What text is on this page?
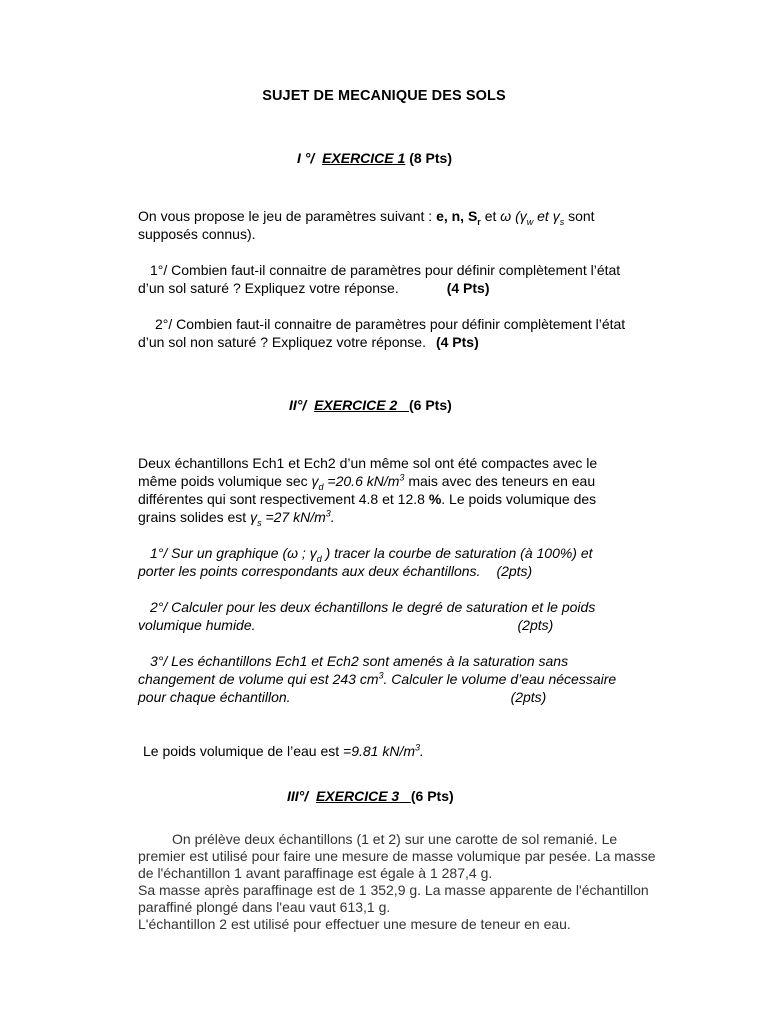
SUJET DE MECANIQUE DES SOLS
I °/ EXERCICE 1 (8 Pts)
On vous propose le jeu de paramètres suivant : e, n, $S_r$ et ω ($\gamma_w$ et $\gamma_s$ sont
supposés connus).
1°/ Combien faut-il connaitre de paramètres pour définir complètement l’état
d’un sol saturé ? Expliquez votre réponse.	(4 Pts)
2°/ Combien faut-il connaitre de paramètres pour définir complètement l’état
d’un sol non saturé ? Expliquez votre réponse. (4 Pts)
II°/ EXERCICE 2 (6 Pts)
Deux échantillons Ech1 et Ech2 d’un même sol ont été compactes avec le
même poids volumique $\sec \gamma_d =20.6$ $kN/m^3$ mais avec des teneurs en eau
différentes qui sont respectivement 4.8 et 12.8 %. Le poids volumique des
grains solides est $\gamma_s =27$ $kN/m^3$.
1°/ Sur un graphique (ω ; $\gamma_d$ ) tracer la courbe de saturation (à 100%) et
porter les points correspondants aux deux échantillons. (2pts)
2°/ Calculer pour les deux échantillons le degré de saturation et le poids
volumique humide.	(2pts)
3°/ Les échantillons Ech1 et Ech2 sont amenés à la saturation sans
changement de volume qui est 243 $cm^3$. Calculer le volume d’eau nécessaire
pour chaque échantillon.	(2pts)
Le poids volumique de l’eau est =9.81 $kN/m^3$.
III°/ EXERCICE 3 (6 Pts)
On prélève deux échantillons (1 et 2) sur une carotte de sol remanié. Le
premier est utilisé pour faire une mesure de masse volumique par pesée. La masse
de l'échantillon 1 avant paraffinage est égale à 1 287,4 g.
Sa masse après paraffinage est de 1 352,9 g. La masse apparente de l'échantillon
paraffiné plongé dans l'eau vaut 613,1 g.
L'échantillon 2 est utilisé pour effectuer une mesure de teneur en eau.
